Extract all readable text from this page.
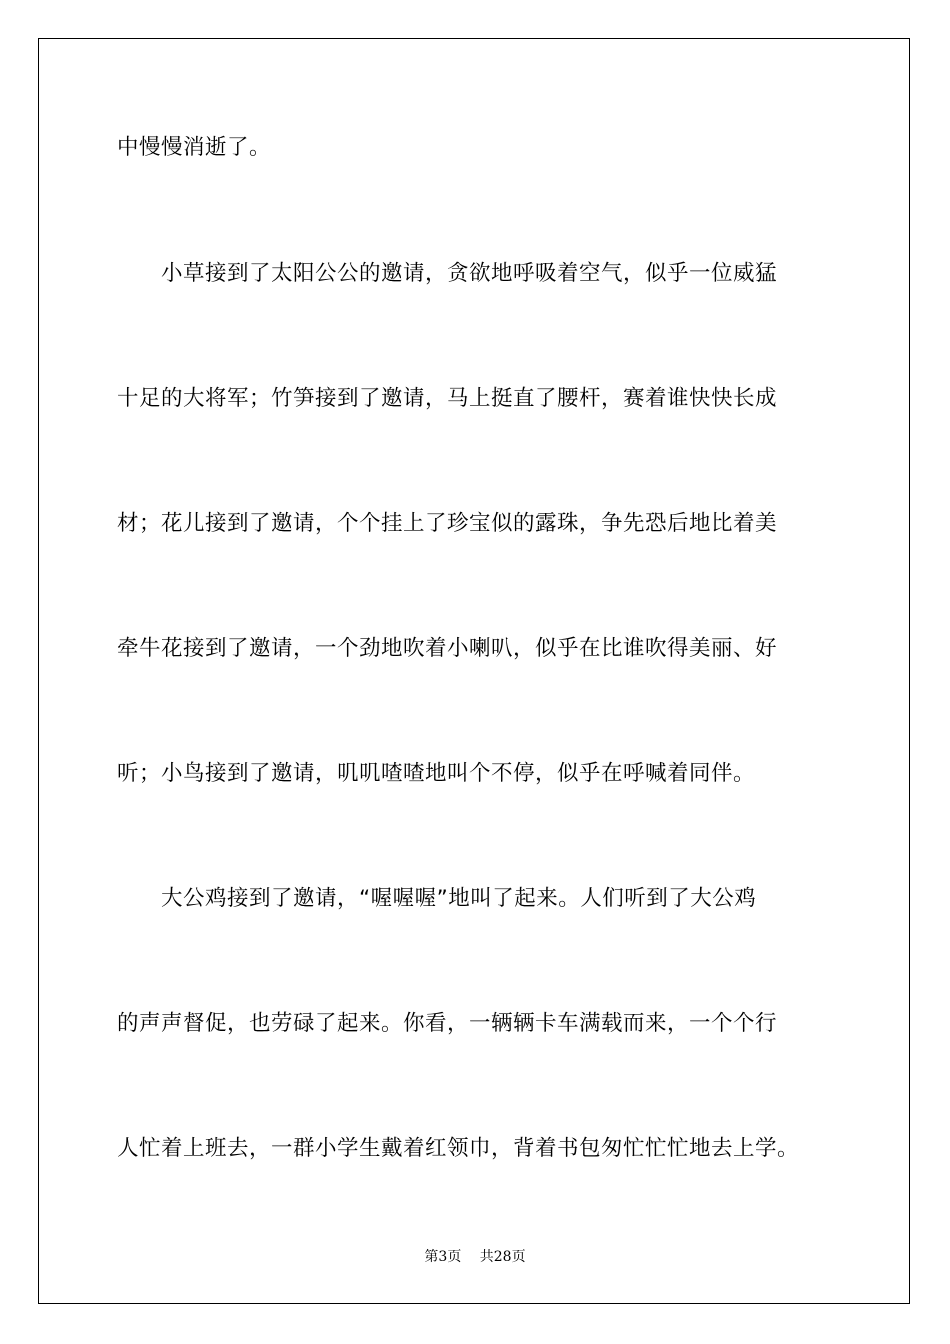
中慢慢消逝了。
　　小草接到了太阳公公的邀请，贪欲地呼吸着空气，似乎一位威猛
十足的大将军；竹笋接到了邀请，马上挺直了腰杆，赛着谁快快长成
材；花儿接到了邀请，个个挂上了珍宝似的露珠，争先恐后地比着美
牵牛花接到了邀请，一个劲地吹着小喇叭，似乎在比谁吹得美丽、好
听；小鸟接到了邀请，叽叽喳喳地叫个不停，似乎在呼喊着同伴。
　　大公鸡接到了邀请，“喔喔喔”地叫了起来。人们听到了大公鸡
的声声督促，也劳碌了起来。你看，一辆辆卡车满载而来，一个个行
人忙着上班去，一群小学生戴着红领巾，背着书包匆忙忙忙地去上学。
第3页　 共28页
